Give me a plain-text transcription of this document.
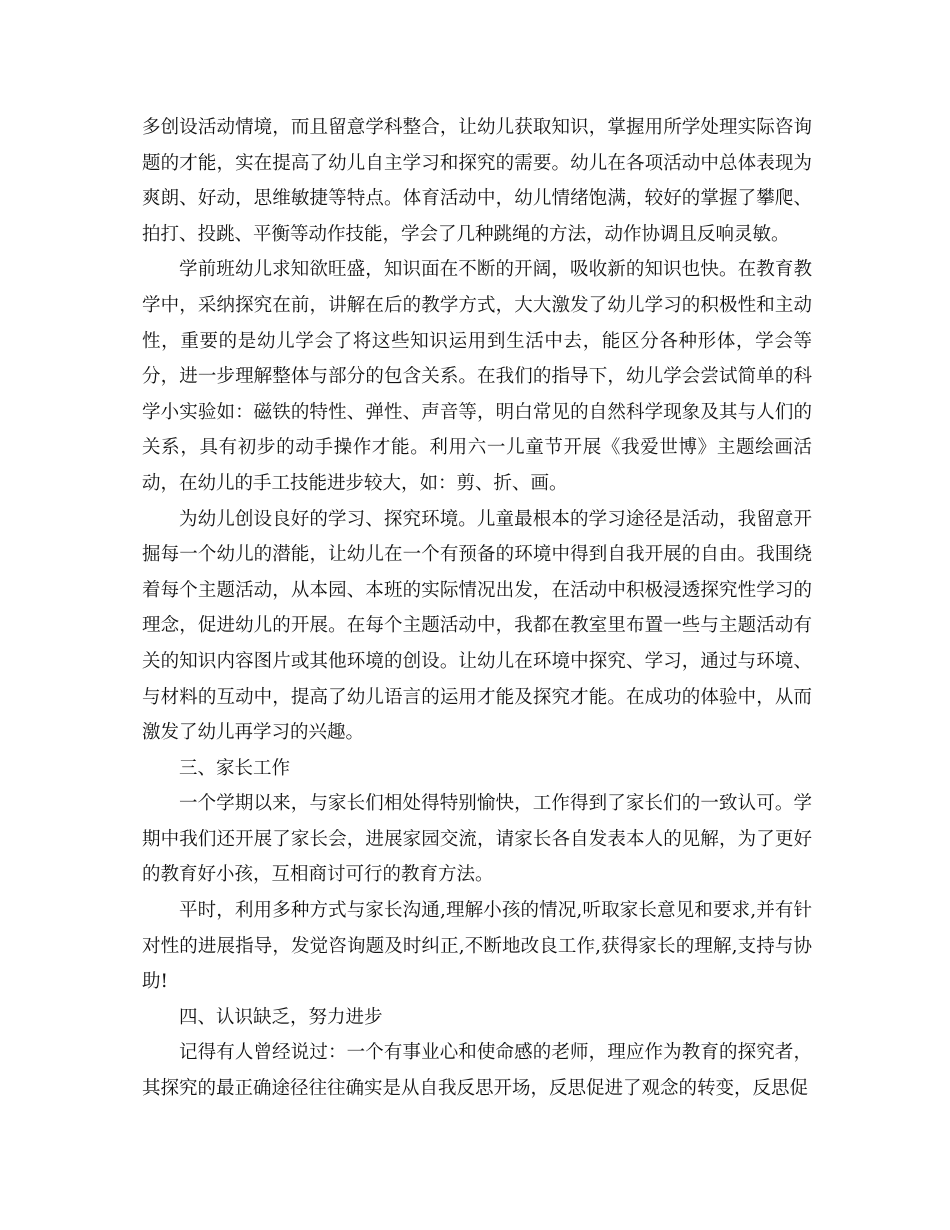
多创设活动情境，而且留意学科整合，让幼儿获取知识，掌握用所学处理实际咨询题的才能，实在提高了幼儿自主学习和探究的需要。幼儿在各项活动中总体表现为爽朗、好动，思维敏捷等特点。体育活动中，幼儿情绪饱满，较好的掌握了攀爬、拍打、投跳、平衡等动作技能，学会了几种跳绳的方法，动作协调且反响灵敏。

学前班幼儿求知欲旺盛，知识面在不断的开阔，吸收新的知识也快。在教育教学中，采纳探究在前，讲解在后的教学方式，大大激发了幼儿学习的积极性和主动性，重要的是幼儿学会了将这些知识运用到生活中去，能区分各种形体，学会等分，进一步理解整体与部分的包含关系。在我们的指导下，幼儿学会尝试简单的科学小实验如：磁铁的特性、弹性、声音等，明白常见的自然科学现象及其与人们的关系，具有初步的动手操作才能。利用六一儿童节开展《我爱世博》主题绘画活动，在幼儿的手工技能进步较大，如：剪、折、画。

为幼儿创设良好的学习、探究环境。儿童最根本的学习途径是活动，我留意开掘每一个幼儿的潜能，让幼儿在一个有预备的环境中得到自我开展的自由。我围绕着每个主题活动，从本园、本班的实际情况出发，在活动中积极浸透探究性学习的理念，促进幼儿的开展。在每个主题活动中，我都在教室里布置一些与主题活动有关的知识内容图片或其他环境的创设。让幼儿在环境中探究、学习，通过与环境、与材料的互动中，提高了幼儿语言的运用才能及探究才能。在成功的体验中，从而激发了幼儿再学习的兴趣。

三、家长工作

一个学期以来，与家长们相处得特别愉快，工作得到了家长们的一致认可。学期中我们还开展了家长会，进展家园交流，请家长各自发表本人的见解，为了更好的教育好小孩，互相商讨可行的教育方法。

平时，利用多种方式与家长沟通,理解小孩的情况,听取家长意见和要求,并有针对性的进展指导，发觉咨询题及时纠正,不断地改良工作,获得家长的理解,支持与协助!

四、认识缺乏，努力进步

记得有人曾经说过：一个有事业心和使命感的老师，理应作为教育的探究者，其探究的最正确途径往往确实是从自我反思开场，反思促进了观念的转变，反思促
